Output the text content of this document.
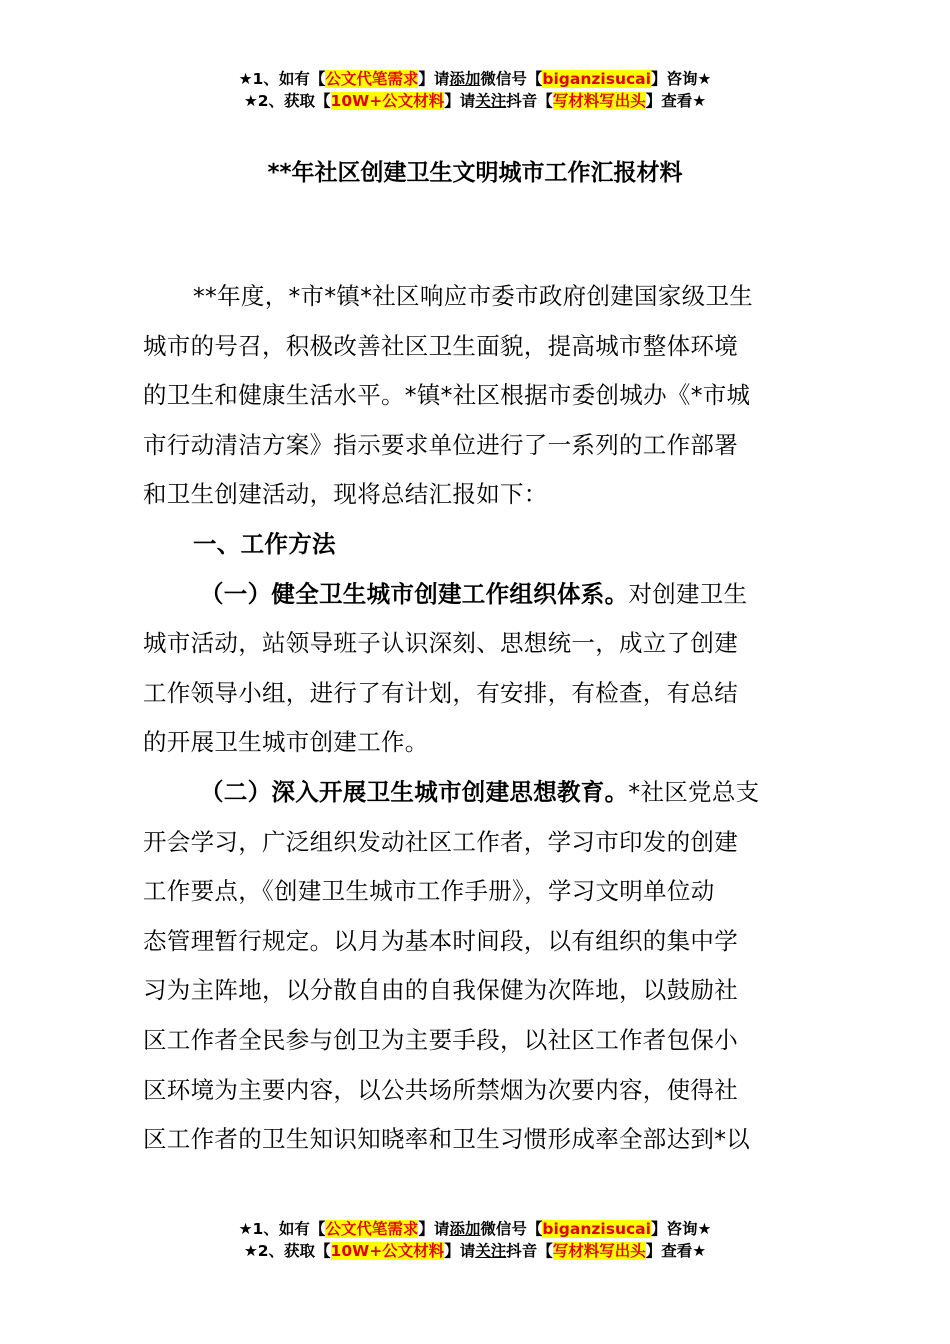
★1、如有【公文代笔需求】请添加微信号【biganzisucai】咨询★
★2、获取【10W+公文材料】请关注抖音【写材料写出头】查看★
**年社区创建卫生文明城市工作汇报材料
**年度，*市*镇*社区响应市委市政府创建国家级卫生
城市的号召，积极改善社区卫生面貌，提高城市整体环境
的卫生和健康生活水平。*镇*社区根据市委创城办《*市城
市行动清洁方案》指示要求单位进行了一系列的工作部署
和卫生创建活动，现将总结汇报如下：
一、工作方法
（一）健全卫生城市创建工作组织体系。对创建卫生
城市活动，站领导班子认识深刻、思想统一，成立了创建
工作领导小组，进行了有计划，有安排，有检查，有总结
的开展卫生城市创建工作。
（二）深入开展卫生城市创建思想教育。*社区党总支
开会学习，广泛组织发动社区工作者，学习市印发的创建
工作要点，《创建卫生城市工作手册》，学习文明单位动
态管理暂行规定。以月为基本时间段，以有组织的集中学
习为主阵地，以分散自由的自我保健为次阵地，以鼓励社
区工作者全民参与创卫为主要手段，以社区工作者包保小
区环境为主要内容，以公共场所禁烟为次要内容，使得社
区工作者的卫生知识知晓率和卫生习惯形成率全部达到*以
★1、如有【公文代笔需求】请添加微信号【biganzisucai】咨询★
★2、获取【10W+公文材料】请关注抖音【写材料写出头】查看★
